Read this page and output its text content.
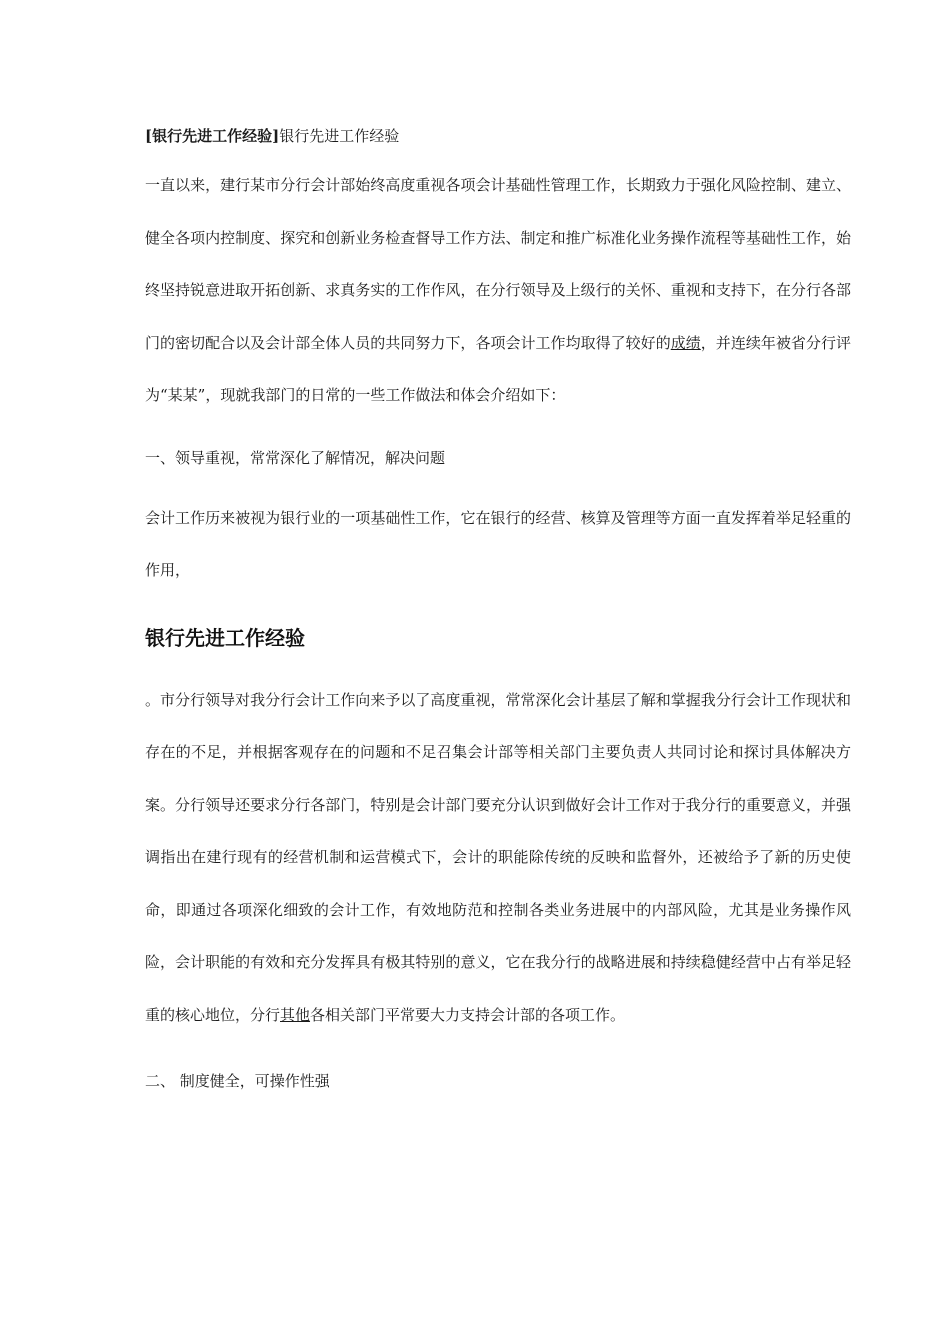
[银行先进工作经验]银行先进工作经验

一直以来，建行某市分行会计部始终高度重视各项会计基础性管理工作，长期致力于强化风险控制、建立、健全各项内控制度、探究和创新业务检查督导工作方法、制定和推广标准化业务操作流程等基础性工作，始终坚持锐意进取开拓创新、求真务实的工作作风，在分行领导及上级行的关怀、重视和支持下，在分行各部门的密切配合以及会计部全体人员的共同努力下，各项会计工作均取得了较好的成绩，并连续年被省分行评为“某某”，现就我部门的日常的一些工作做法和体会介绍如下：

一、领导重视，常常深化了解情况，解决问题

会计工作历来被视为银行业的一项基础性工作，它在银行的经营、核算及管理等方面一直发挥着举足轻重的作用，

银行先进工作经验

。市分行领导对我分行会计工作向来予以了高度重视，常常深化会计基层了解和掌握我分行会计工作现状和存在的不足，并根据客观存在的问题和不足召集会计部等相关部门主要负责人共同讨论和探讨具体解决方案。分行领导还要求分行各部门，特别是会计部门要充分认识到做好会计工作对于我分行的重要意义，并强调指出在建行现有的经营机制和运营模式下，会计的职能除传统的反映和监督外，还被给予了新的历史使命，即通过各项深化细致的会计工作，有效地防范和控制各类业务进展中的内部风险，尤其是业务操作风险，会计职能的有效和充分发挥具有极其特别的意义，它在我分行的战略进展和持续稳健经营中占有举足轻重的核心地位，分行其他各相关部门平常要大力支持会计部的各项工作。

二、 制度健全，可操作性强
